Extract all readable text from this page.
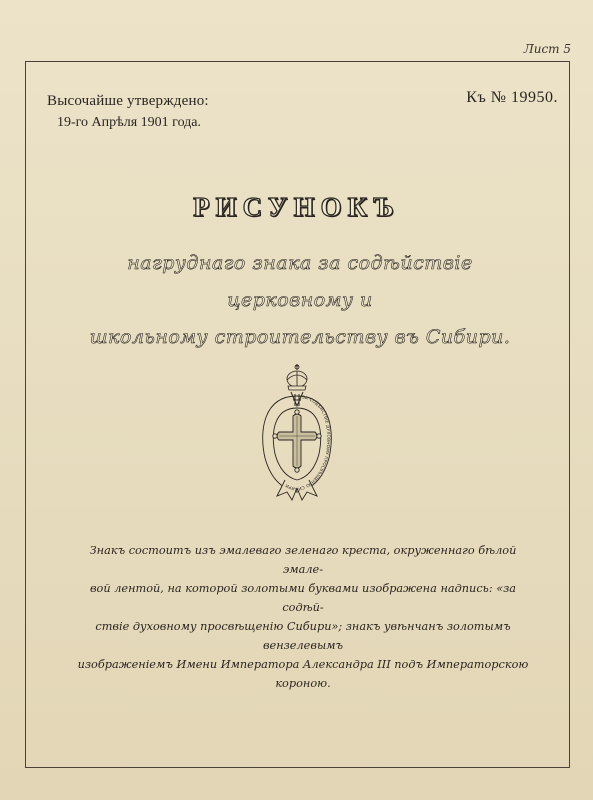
Лист 5
Высочайше утверждено:
19-го Апрѣля 1901 года.
Къ № 19950.
РИСУНОКЪ
нагруднаго знака за содѣйствіе церковному и
школьному строительству въ Сибири.
ЗА СОДѢЙСТВІЕ ДУХОВНОМУ ПРОСВѢЩЕНІЮ СИБИРИ
Знакъ состоитъ изъ эмалеваго зеленаго креста, окруженнаго бѣлой эмале-
вой лентой, на которой золотыми буквами изображена надпись: «за содѣй-
ствіе духовному просвѣщенію Сибири»; знакъ увѣнчанъ золотымъ вензелевымъ
изображеніемъ Имени Императора Александра III подъ Императорскою
короною.
